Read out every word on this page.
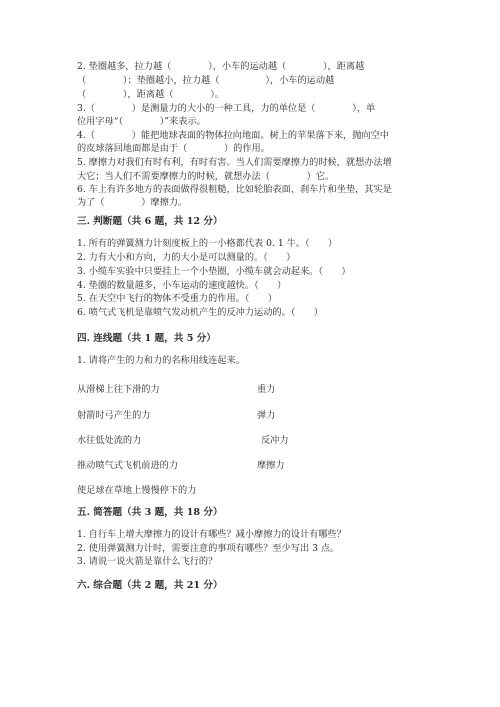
2. 垫圈越多，拉力越（　　　　），小车的运动越（　　　　），距离越
（　　　　）；垫圈越小，拉力越（　　　　　），小车的运动越
（　　　　），距离越（　　　　）。
3.（　　　　）是测量力的大小的一种工具，力的单位是（　　　　），单
位用字母“（　　　　）”来表示。
4.（　　　　）能把地球表面的物体拉向地面。树上的苹果落下来，抛向空中
的皮球落回地面都是由于（　　　　）的作用。
5. 摩擦力对我们有时有利，有时有害。当人们需要摩擦力的时候，就想办法增
大它；当人们不需要摩擦力的时候，就想办法（　　　　）它。
6. 车上有许多地方的表面做得很粗糙，比如轮胎表面、刹车片和坐垫，其实是
为了（　　　　）摩擦力。
三. 判断题（共 6 题，共 12 分）
1. 所有的弹簧测力计刻度板上的一小格都代表 0. 1 牛。（　　）
2. 力有大小和方向，力的大小是可以测量的。（　　）
3. 小缆车实验中只要挂上一个小垫圈，小缆车就会动起来。（　　）
4. 垫圈的数量越多，小车运动的速度越快。（　　）
5. 在天空中飞行的物体不受重力的作用。（　　）
6. 喷气式飞机是靠喷气发动机产生的反冲力运动的。（　　）
四. 连线题（共 1 题，共 5 分）
1. 请将产生的力和力的名称用线连起来。
从滑梯上往下滑的力
射箭时弓产生的力
水往低处流的力
推动喷气式飞机前进的力
使足球在草地上慢慢停下的力
重力
弹力
反冲力
摩擦力
五. 简答题（共 3 题，共 18 分）
1. 自行车上增大摩擦力的设计有哪些？减小摩擦力的设计有哪些？
2. 使用弹簧测力计时，需要注意的事项有哪些？至少写出 3 点。
3. 请说一说火箭是靠什么飞行的？
六. 综合题（共 2 题，共 21 分）
